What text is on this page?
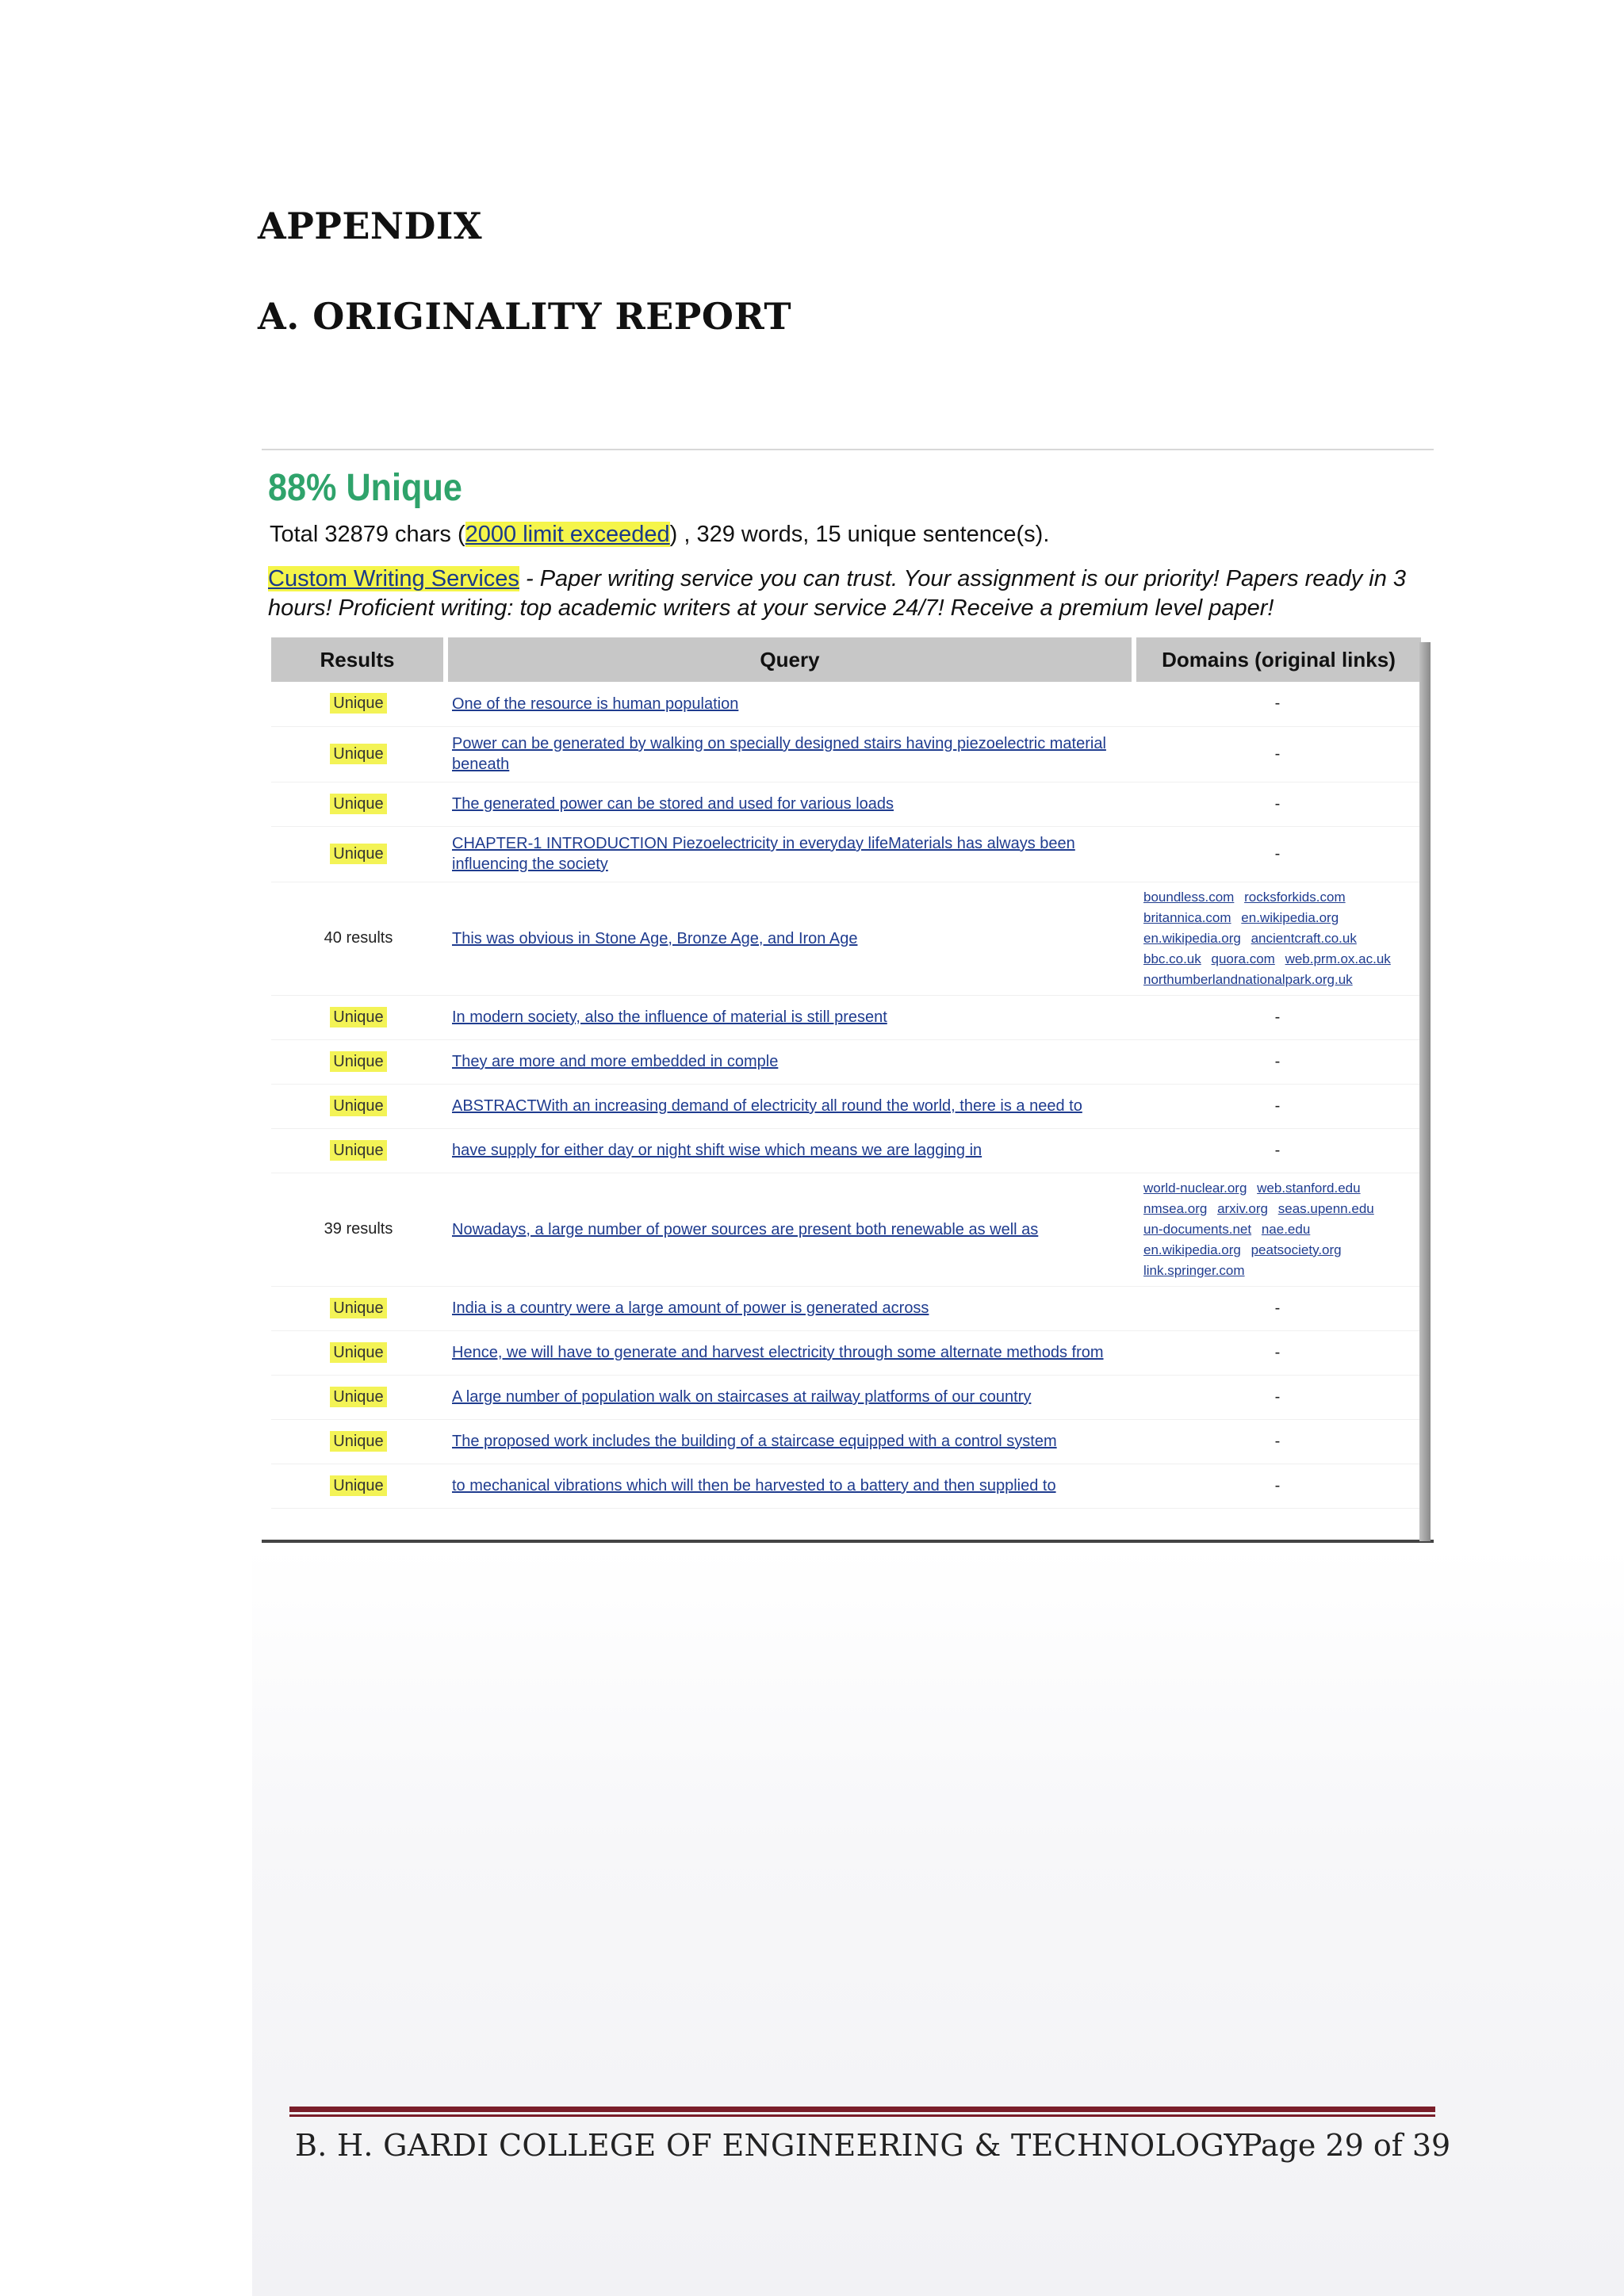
APPENDIX
A. ORIGINALITY REPORT
88% Unique
Total 32879 chars (2000 limit exceeded) , 329 words, 15 unique sentence(s).
Custom Writing Services - Paper writing service you can trust. Your assignment is our priority! Papers ready in 3 hours! Proficient writing: top academic writers at your service 24/7! Receive a premium level paper!
Results	Query	Domains (original links)
Unique	One of the resource is human population	-
Unique	Power can be generated by walking on specially designed stairs having piezoelectric material beneath	-
Unique	The generated power can be stored and used for various loads	-
Unique	CHAPTER-1 INTRODUCTION Piezoelectricity in everyday lifeMaterials has always been influencing the society	-
40 results	This was obvious in Stone Age, Bronze Age, and Iron Age	boundless.com rocksforkids.com britannica.com en.wikipedia.org en.wikipedia.org ancientcraft.co.uk bbc.co.uk quora.com web.prm.ox.ac.uk northumberlandnationalpark.org.uk

Unique	In modern society, also the influence of material is still present	-
Unique	They are more and more embedded in comple	-
Unique	ABSTRACTWith an increasing demand of electricity all round the world, there is a need to	-
Unique	have supply for either day or night shift wise which means we are lagging in	-
39 results	Nowadays, a large number of power sources are present both renewable as well as	world-nuclear.org web.stanford.edu nmsea.org arxiv.org seas.upenn.edu un-documents.net nae.edu en.wikipedia.org peatsociety.org link.springer.com

Unique	India is a country were a large amount of power is generated across	-
Unique	Hence, we will have to generate and harvest electricity through some alternate methods from	-
Unique	A large number of population walk on staircases at railway platforms of our country	-
Unique	The proposed work includes the building of a staircase equipped with a control system	-
Unique	to mechanical vibrations which will then be harvested to a battery and then supplied to	-
B. H. GARDI COLLEGE OF ENGINEERING & TECHNOLOGY
Page 29 of 39
